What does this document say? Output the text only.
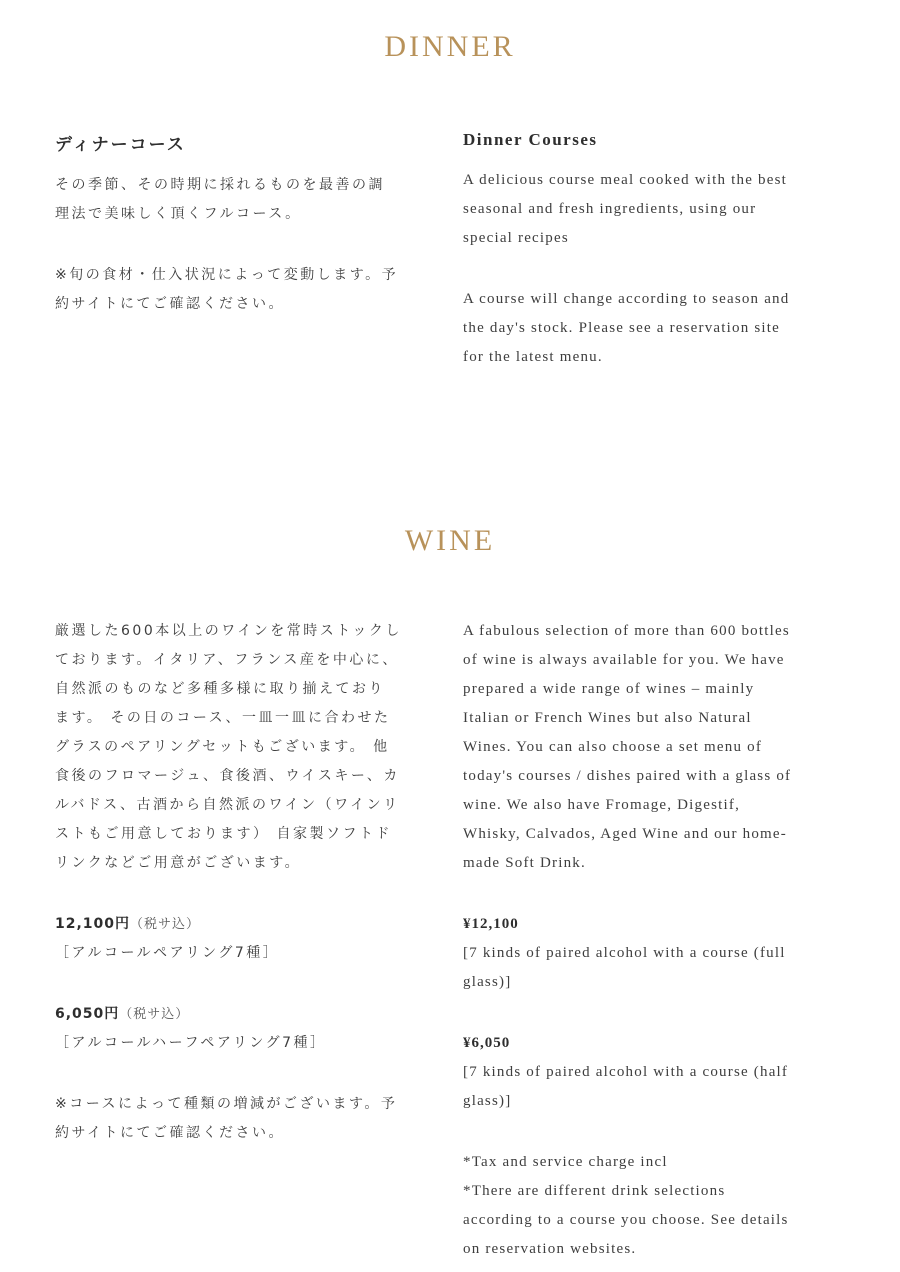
DINNER
ディナーコース

その季節、その時期に採れるものを最善の調

理法で美味しく頂くフルコース。

※旬の食材・仕入状況によって変動します。予

約サイトにてご確認ください。

Dinner Courses

A delicious course meal cooked with the best

seasonal and fresh ingredients, using our

special recipes

A course will change according to season and

the day's stock. Please see a reservation site

for the latest menu.

WINE

厳選した600本以上のワインを常時ストックし

ております。イタリア、フランス産を中心に、

自然派のものなど多種多様に取り揃えており

ます。 その日のコース、一皿一皿に合わせた

グラスのペアリングセットもございます。 他

食後のフロマージュ、食後酒、ウイスキー、カ

ルバドス、古酒から自然派のワイン（ワインリ

ストもご用意しております） 自家製ソフトド

リンクなどご用意がございます。

12,100円（税サ込）

［アルコールペアリング7種］

6,050円（税サ込）

［アルコールハーフペアリング7種］

※コースによって種類の増減がございます。予

約サイトにてご確認ください。

A fabulous selection of more than 600 bottles

of wine is always available for you. We have

prepared a wide range of wines – mainly

Italian or French Wines but also Natural

Wines. You can also choose a set menu of

today's courses / dishes paired with a glass of

wine. We also have Fromage, Digestif,

Whisky, Calvados, Aged Wine and our home-

made Soft Drink.

¥12,100

[7 kinds of paired alcohol with a course (full

glass)]

¥6,050

[7 kinds of paired alcohol with a course (half

glass)]

*Tax and service charge incl

*There are different drink selections

according to a course you choose. See details

on reservation websites.
